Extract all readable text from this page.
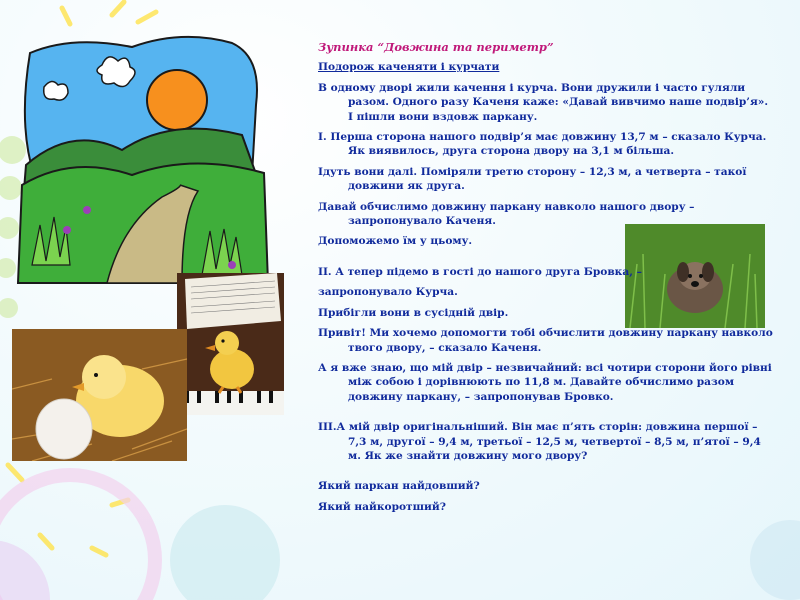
Зупинка “Довжина та периметр”
Подорож каченяти і курчати

В одному дворі жили качення і курча. Вони дружили і часто гуляли разом. Одного разу Каченя каже: «Давай вивчимо наше подвір’я». І пішли вони вздовж паркану.

І. Перша сторона нашого подвір’я має довжину 13,7 м – сказало Курча. Як виявилось, друга сторона двору на 3,1 м більша.

Ідуть вони далі. Поміряли третю сторону – 12,3 м, а четверта – такої довжини як друга.

Давай обчислимо довжину паркану навколо нашого двору – запропонувало Каченя.

Допоможемо їм у цьому.

ІІ. А тепер підемо в гості до нашого друга Бровка, –

запропонувало Курча.

Прибігли вони в сусідній двір.

Привіт! Ми хочемо допомогти тобі обчислити довжину паркану навколо твого двору, – сказало Каченя.

А я вже знаю, що мій двір – незвичайний: всі чотири сторони його рівні між собою і дорівнюють по 11,8 м. Давайте обчислимо разом довжину паркану, – запропонував Бровко.

ІІІ.А мій двір оригінальніший. Він має п’ять сторін: довжина першої – 7,3 м, другої – 9,4 м, третьої – 12,5 м, четвертої – 8,5 м, п’ятої – 9,4 м. Як же знайти довжину мого двору?

Який паркан найдовший?

Який найкоротший?
